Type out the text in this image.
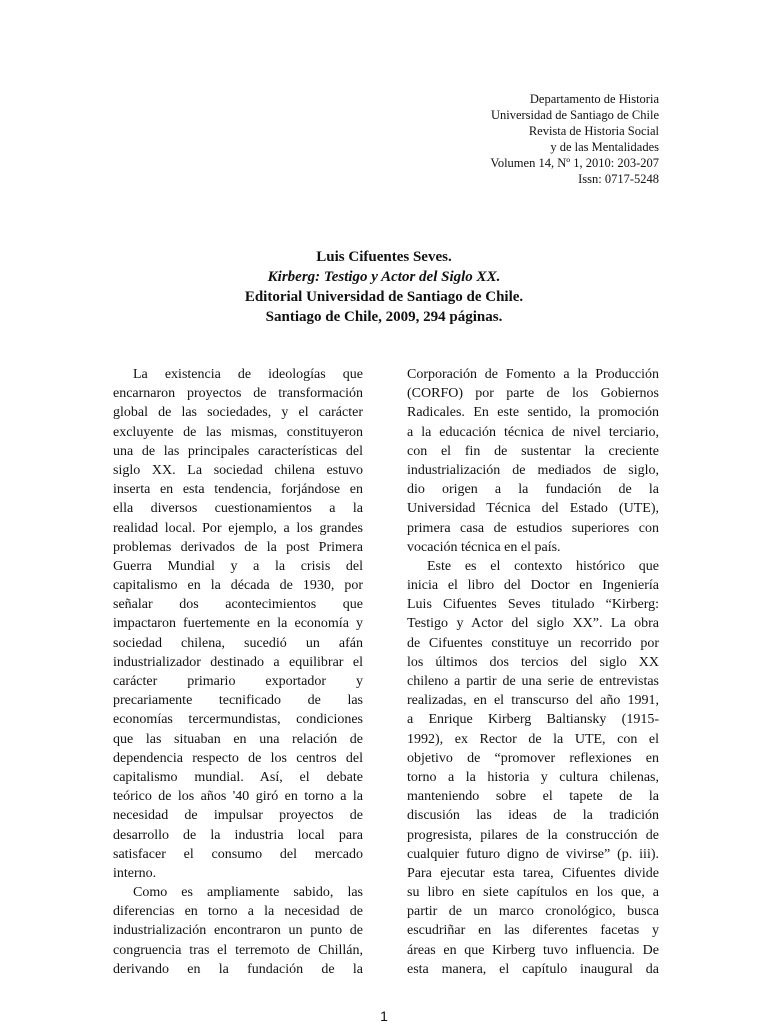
Departamento de Historia
Universidad de Santiago de Chile
Revista de Historia Social
y de las Mentalidades
Volumen 14, Nº 1, 2010: 203-207
Issn: 0717-5248
Luis Cifuentes Seves.
Kirberg: Testigo y Actor del Siglo XX.
Editorial Universidad de Santiago de Chile.
Santiago de Chile, 2009, 294 páginas.
La existencia de ideologías que
encarnaron proyectos de transformación
global de las sociedades, y el carácter
excluyente de las mismas, constituyeron
una de las principales características del
siglo XX. La sociedad chilena estuvo
inserta en esta tendencia, forjándose en
ella diversos cuestionamientos a la
realidad local. Por ejemplo, a los grandes
problemas derivados de la post Primera
Guerra Mundial y a la crisis del
capitalismo en la década de 1930, por
señalar dos acontecimientos que
impactaron fuertemente en la economía y
sociedad chilena, sucedió un afán
industrializador destinado a equilibrar el
carácter primario exportador y
precariamente tecnificado de las
economías tercermundistas, condiciones
que las situaban en una relación de
dependencia respecto de los centros del
capitalismo mundial. Así, el debate
teórico de los años '40 giró en torno a la
necesidad de impulsar proyectos de
desarrollo de la industria local para
satisfacer el consumo del mercado
interno.
Como es ampliamente sabido, las
diferencias en torno a la necesidad de
industrialización encontraron un punto de
congruencia tras el terremoto de Chillán,
derivando en la fundación de la
Corporación de Fomento a la Producción
(CORFO) por parte de los Gobiernos
Radicales. En este sentido, la promoción
a la educación técnica de nivel terciario,
con el fin de sustentar la creciente
industrialización de mediados de siglo,
dio origen a la fundación de la
Universidad Técnica del Estado (UTE),
primera casa de estudios superiores con
vocación técnica en el país.
Este es el contexto histórico que
inicia el libro del Doctor en Ingeniería
Luis Cifuentes Seves titulado “Kirberg:
Testigo y Actor del siglo XX”. La obra
de Cifuentes constituye un recorrido por
los últimos dos tercios del siglo XX
chileno a partir de una serie de entrevistas
realizadas, en el transcurso del año 1991,
a Enrique Kirberg Baltiansky (1915-
1992), ex Rector de la UTE, con el
objetivo de “promover reflexiones en
torno a la historia y cultura chilenas,
manteniendo sobre el tapete de la
discusión las ideas de la tradición
progresista, pilares de la construcción de
cualquier futuro digno de vivirse” (p. iii).
Para ejecutar esta tarea, Cifuentes divide
su libro en siete capítulos en los que, a
partir de un marco cronológico, busca
escudriñar en las diferentes facetas y
áreas en que Kirberg tuvo influencia. De
esta manera, el capítulo inaugural da
1
